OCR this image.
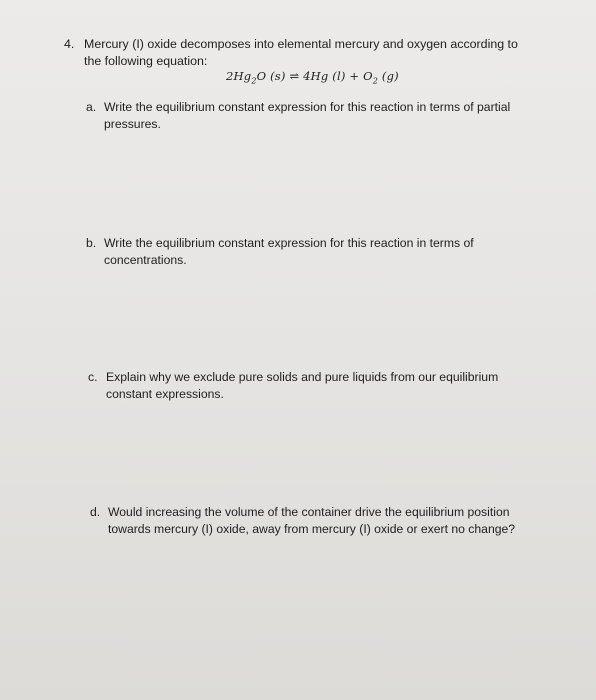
4. Mercury (I) oxide decomposes into elemental mercury and oxygen according to
the following equation:
$2Hg_2O$ (s) ⇌ 4Hg $(l) + O_2$ (g)
a. Write the equilibrium constant expression for this reaction in terms of partial
pressures.
b. Write the equilibrium constant expression for this reaction in terms of
concentrations.
c. Explain why we exclude pure solids and pure liquids from our equilibrium
constant expressions.
d. Would increasing the volume of the container drive the equilibrium position
towards mercury (I) oxide, away from mercury (I) oxide or exert no change?
